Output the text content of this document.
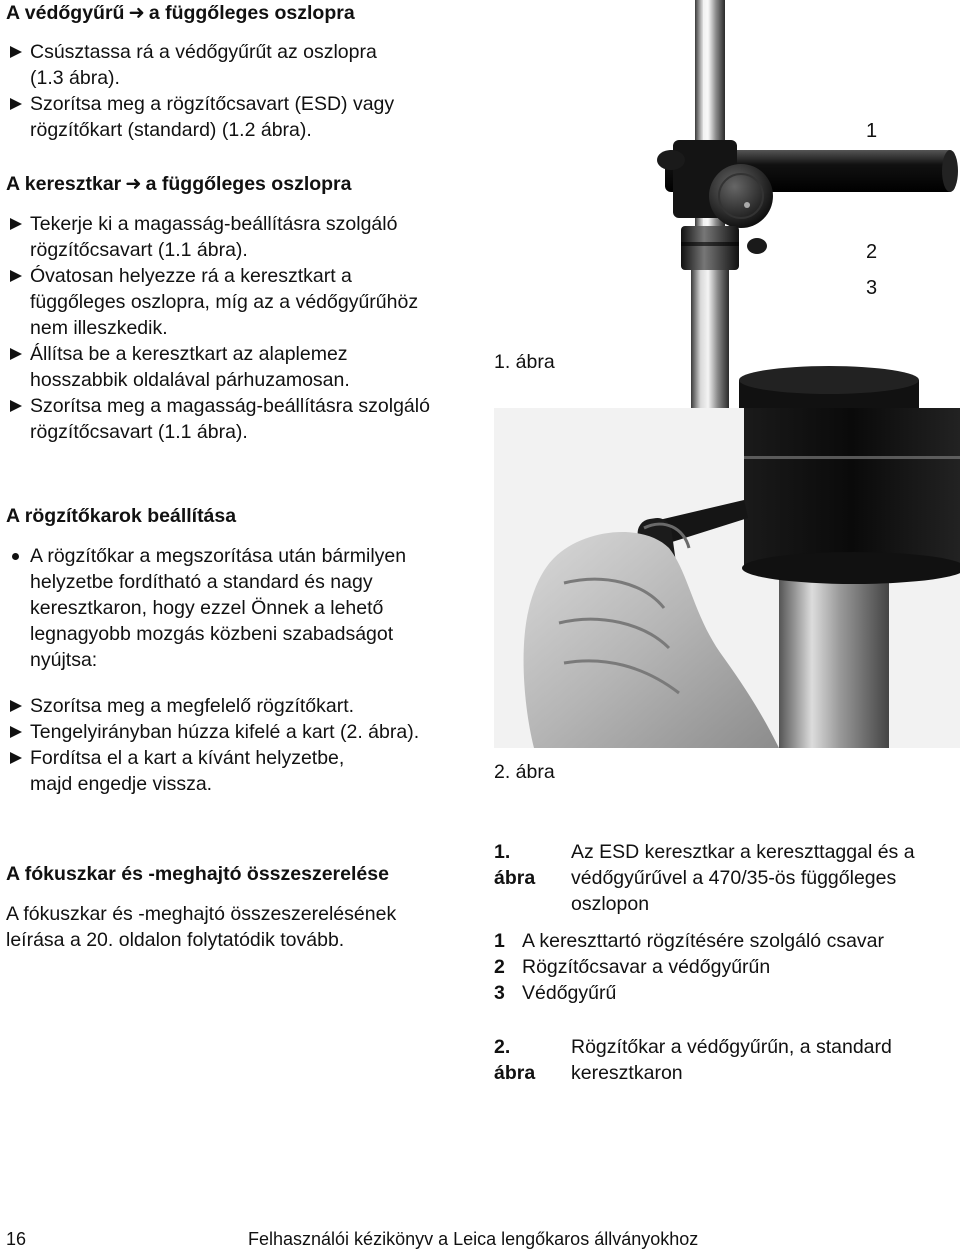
A védőgyűrű ➜ a függőleges oszlopra

Csúsztassa rá a védőgyűrűt az oszlopra
(1.3 ábra).

Szorítsa meg a rögzítőcsavart (ESD) vagy
rögzítőkart (standard) (1.2 ábra).

A keresztkar ➜ a függőleges oszlopra

Tekerje ki a magasság-beállításra szolgáló
rögzítőcsavart (1.1 ábra).

Óvatosan helyezze rá a keresztkart a
függőleges oszlopra, míg az a védőgyűrűhöz
nem illeszkedik.

Állítsa be a keresztkart az alaplemez
hosszabbik oldalával párhuzamosan.

Szorítsa meg a magasság-beállításra szolgáló
rögzítőcsavart (1.1 ábra).

A rögzítőkarok beállítása

A rögzítőkar a megszorítása után bármilyen
helyzetbe fordítható a standard és nagy
keresztkaron, hogy ezzel Önnek a lehető
legnagyobb mozgás közbeni szabadságot
nyújtsa:

Szorítsa meg a megfelelő rögzítőkart.

Tengelyirányban húzza kifelé a kart (2. ábra).

Fordítsa el a kart a kívánt helyzetbe,
majd engedje vissza.

A fókuszkar és -meghajtó összeszerelése

A fókuszkar és -meghajtó összeszerelésének
leírása a 20. oldalon folytatódik tovább.

1
2
3
1. ábra
2. ábra
1. ábra
Az ESD keresztkar a kereszttaggal és a
védőgyűrűvel a 470/35-ös függőleges
oszlopon
1 A kereszttartó rögzítésére szolgáló csavar
2 Rögzítőcsavar a védőgyűrűn
3 Védőgyűrű
2. ábra
Rögzítőkar a védőgyűrűn, a standard
keresztkaron
16	Felhasználói kézikönyv a Leica lengőkaros állványokhoz
